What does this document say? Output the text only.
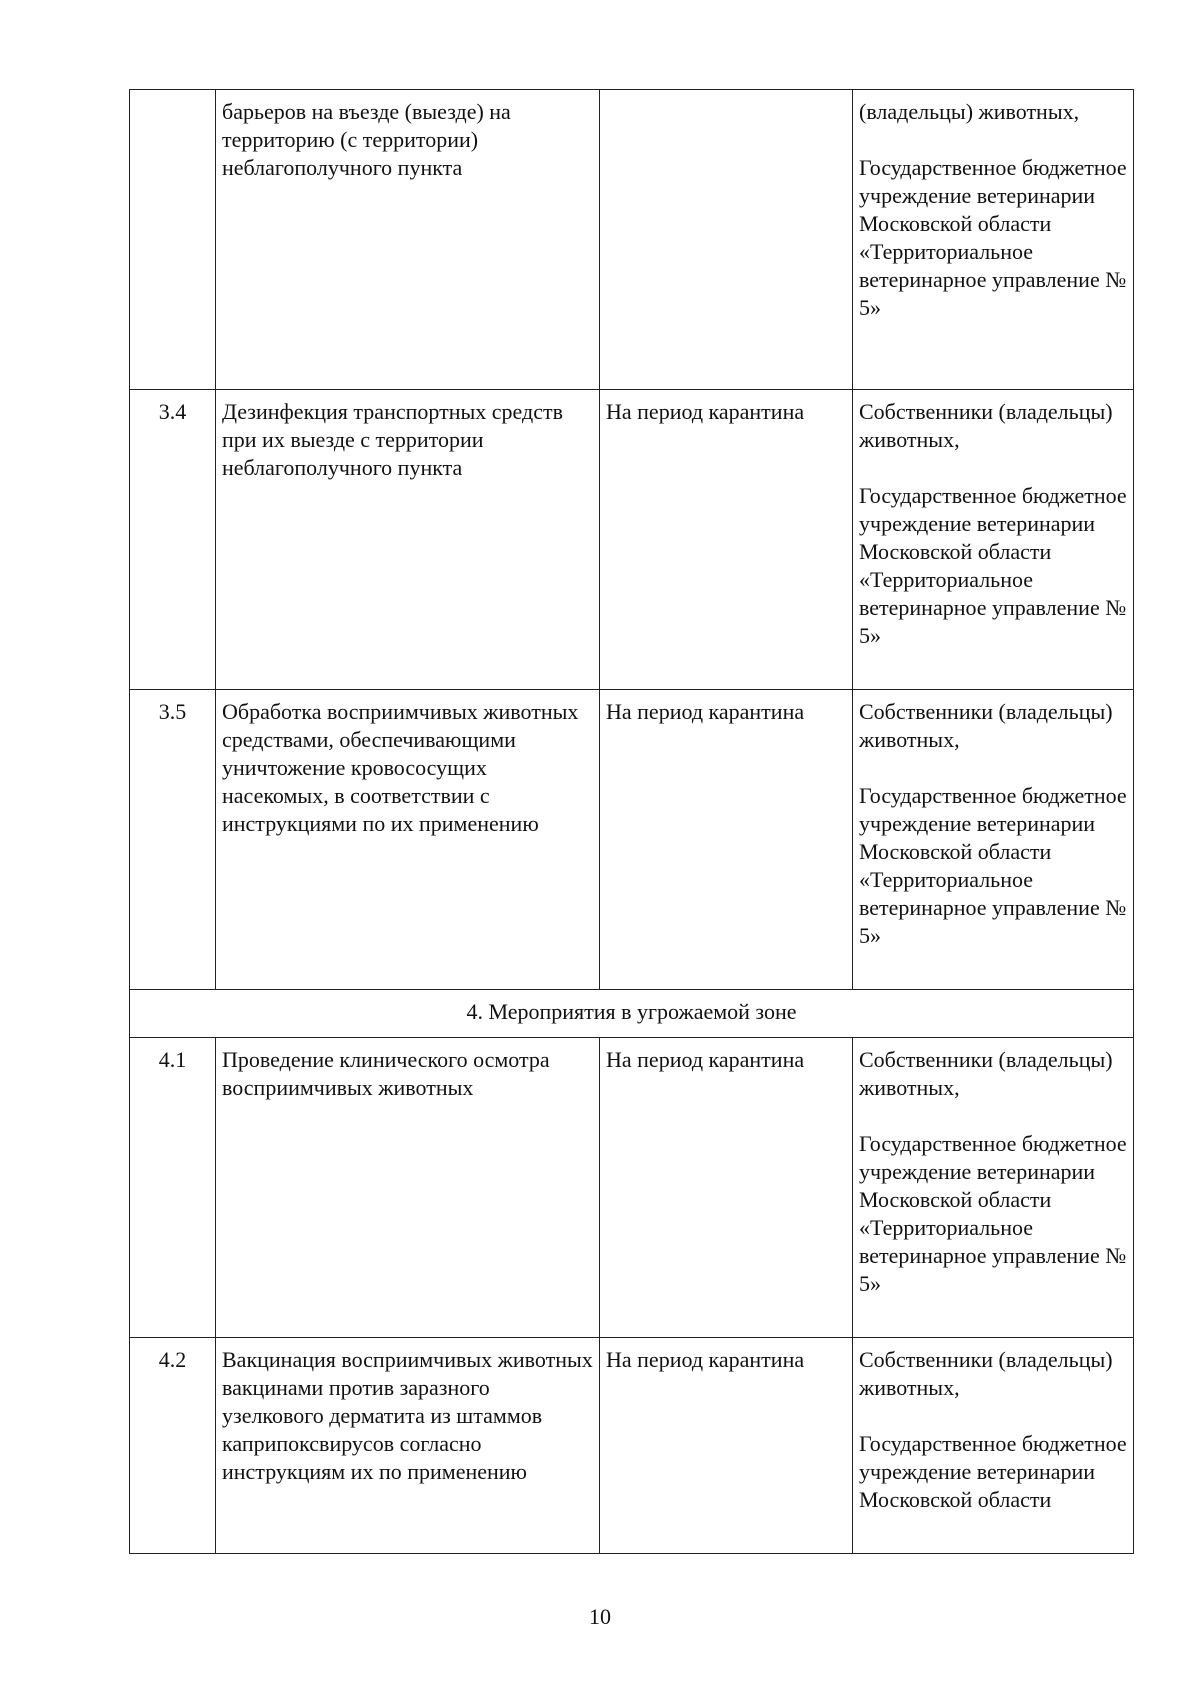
	барьеров на въезде (выезде) на территорию (с территории) неблагополучного пункта		(владельцы) животных,
Государственное бюджетное учреждение ветеринарии Московской области «Территориальное ветеринарное управление № 5»

3.4	Дезинфекция транспортных средств при их выезде с территории неблагополучного пункта	На период карантина	Собственники (владельцы) животных,
Государственное бюджетное учреждение ветеринарии Московской области «Территориальное ветеринарное управление № 5»

3.5	Обработка восприимчивых животных средствами, обеспечивающими уничтожение кровососущих насекомых, в соответствии с инструкциями по их применению	На период карантина	Собственники (владельцы) животных,
Государственное бюджетное учреждение ветеринарии Московской области «Территориальное ветеринарное управление № 5»

4. Мероприятия в угрожаемой зоне			
4.1	Проведение клинического осмотра восприимчивых животных	На период карантина	Собственники (владельцы) животных,
Государственное бюджетное учреждение ветеринарии Московской области «Территориальное ветеринарное управление № 5»

4.2	Вакцинация восприимчивых животных вакцинами против заразного узелкового дерматита из штаммов каприпоксвирусов согласно инструкциям их по применению	На период карантина	Собственники (владельцы) животных,
Государственное бюджетное учреждение ветеринарии Московской области
10
